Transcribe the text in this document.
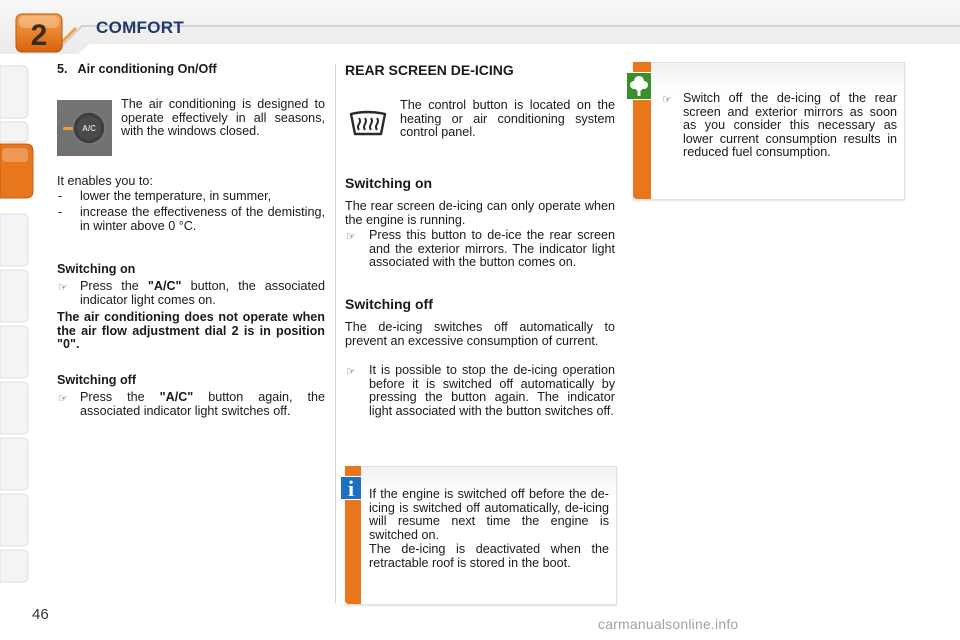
2	COMFORT
5.   Air conditioning On/Off
A/C

The air conditioning is designed to operate effectively in all seasons, with the windows closed.

It enables you to:

- lower the temperature, in summer,

- increase the effectiveness of the demisting, in winter above 0 °C.

Switching on

☞ Press the "A/C" button, the associated indicator light comes on.

The air conditioning does not operate when the air flow adjustment dial 2 is in position "0".

Switching off

☞ Press the "A/C" button again, the associated indicator light switches off.

REAR SCREEN DE-ICING

The control button is located on the heating or air conditioning system control panel.

Switching on

The rear screen de-icing can only operate when the engine is running.

☞ Press this button to de-ice the rear screen and the exterior mirrors. The indicator light associated with the button comes on.

Switching off

The de-icing switches off automatically to prevent an excessive consumption of current.

☞ It is possible to stop the de-icing operation before it is switched off automatically by pressing the button again. The indicator light associated with the button switches off.

i If the engine is switched off before the de-icing is switched off automatically, de-icing will resume next time the engine is switched on.

The de-icing is deactivated when the retractable roof is stored in the boot.

☞ Switch off the de-icing of the rear screen and exterior mirrors as soon as you consider this necessary as lower current consumption results in reduced fuel consumption.

46
carmanualsonline.info
